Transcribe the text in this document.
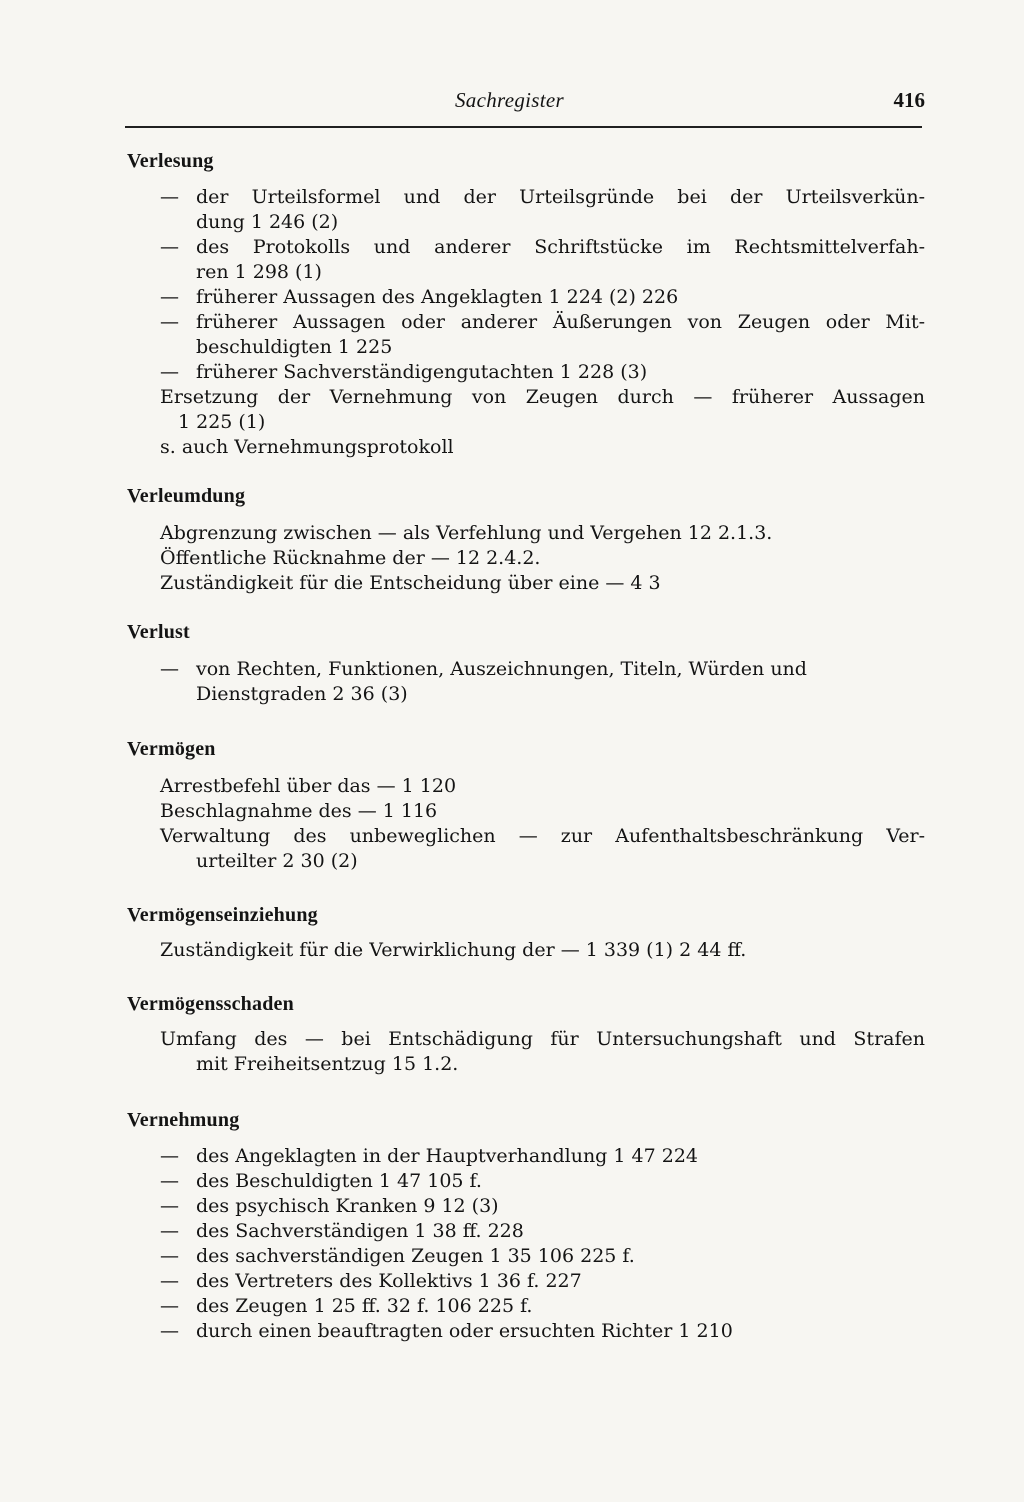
Sachregister	416
Verlesung
— der Urteilsformel und der Urteilsgründe bei der Urteilsverkün-
dung 1 246 (2)
— des Protokolls und anderer Schriftstücke im Rechtsmittelverfah-
ren 1 298 (1)
— früherer Aussagen des Angeklagten 1 224 (2) 226
— früherer Aussagen oder anderer Äußerungen von Zeugen oder Mit-
beschuldigten 1 225
— früherer Sachverständigengutachten 1 228 (3)
Ersetzung der Vernehmung von Zeugen durch — früherer Aussagen
1 225 (1)
s. auch Vernehmungsprotokoll
Verleumdung
Abgrenzung zwischen — als Verfehlung und Vergehen 12 2.1.3.
Öffentliche Rücknahme der — 12 2.4.2.
Zuständigkeit für die Entscheidung über eine — 4 3
Verlust
— von Rechten, Funktionen, Auszeichnungen, Titeln, Würden und
Dienstgraden 2 36 (3)
Vermögen
Arrestbefehl über das — 1 120
Beschlagnahme des — 1 116
Verwaltung des unbeweglichen — zur Aufenthaltsbeschränkung Ver-
urteilter 2 30 (2)
Vermögenseinziehung
Zuständigkeit für die Verwirklichung der — 1 339 (1) 2 44 ff.
Vermögensschaden
Umfang des — bei Entschädigung für Untersuchungshaft und Strafen
mit Freiheitsentzug 15 1.2.
Vernehmung
— des Angeklagten in der Hauptverhandlung 1 47 224
— des Beschuldigten 1 47 105 f.
— des psychisch Kranken 9 12 (3)
— des Sachverständigen 1 38 ff. 228
— des sachverständigen Zeugen 1 35 106 225 f.
— des Vertreters des Kollektivs 1 36 f. 227
— des Zeugen 1 25 ff. 32 f. 106 225 f.
— durch einen beauftragten oder ersuchten Richter 1 210
